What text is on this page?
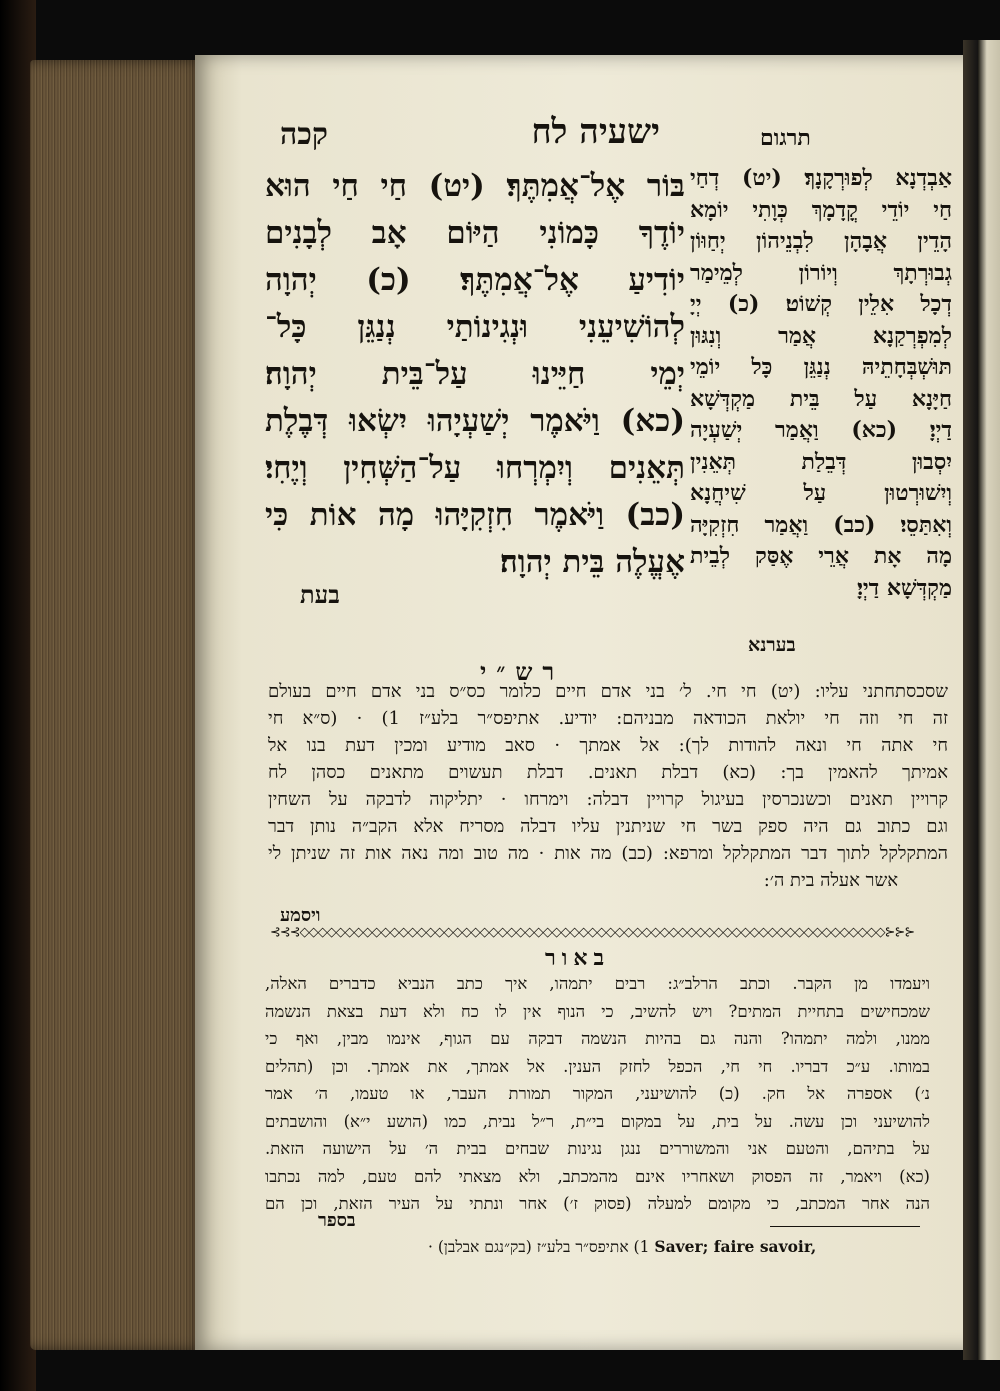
תרגום
ישעיה לח
קכה
בּוֹר אֶל־אֲמִתֶּךָ׃ (יט) חַי חַי הוּא
יוֹדֶךָ כָּמוֹנִי הַיּוֹם אָב לְבָנִים
יוֹדִיעַ אֶל־אֲמִתֶּךָ׃ (כ) יְהוָה
לְהוֹשִׁיעֵנִי וּנְגִינוֹתַי נְנַגֵּן כָּל־
יְמֵי חַיֵּינוּ עַל־בֵּית יְהוָה׃
(כא) וַיֹּאמֶר יְשַׁעְיָהוּ יִשְׂאוּ דְּבֶלֶת
תְּאֵנִים וְיִמְרְחוּ עַל־הַשְּׁחִין וְיֶחִי׃
(כב) וַיֹּאמֶר חִזְקִיָּהוּ מָה אוֹת כִּי
אֶעֱלֶה בֵּית יְהוָה׃
בעת
אַבְדְנָא לְפוּרְקָנָךְ׃ (יט) דְחַי
חַי יוֹדֵי קֳדָמָךְ כְּוָתִי יוֹמָא
הָדֵין אֲבָהָן לִבְנֵיהוֹן יְחַוּוֹן
גְבוּרְתָךְ וְיוֹרוֹן לְמֵימַר
דְכָל אִלֵין קְשׁוֹט׃ (כ) יְיָ
לְמִפְרְקַנָא אֲמַר וְנִגּוּן
תּוּשְׁבְּחָתֵיהּ נְנַגֵּן כָּל יוֹמֵי
חַיָּנָא עַל בֵּית מַקְדְּשָׁא
דַיְיָ׃ (כא) וַאֲמַר יְשַׁעְיָה
יִסְבוּן דְּבֵלַת תְּאֵנִין
וְיִשׁוּרְטוּן עַל שִׁיחֲנָא
וְאִתַּסֵי׃ (כב) וַאֲמַר חִזְקִיָּה
מָה אָת אֲרֵי אֶסַּק לְבֵית
מַקְדְּשָׁא דַיְיָ׃
בערנא
רש״י
שסכסתחתני עליו: (יט) חי חי. ל׳ בני אדם חיים כלומר כס״ס בני אדם חיים בעולם
זה חי וזה חי יולאת הכודאה מבניהם: יודיע. אתיפס״ר בלע״ז 1) · (ס״א חי
חי אתה חי ונאה להודות לך): אל אמתך · סאב מודיע ומכין דעת בנו אל
אמיתך להאמין בך: (כא) דבלת תאנים. דבלת תעשוים מתאנים כסהן לח
קרויין תאנים וכשנכרסין בעיגול קרויין דבלה: וימרחו · יתליקוה לדבקה על השחין
וגם כתוב גם היה ספק בשר חי שניתנין עליו דבלה מסריח אלא הקב״ה נותן דבר
המתקלקל לתוך דבר המתקלקל ומרפא: (כב) מה אות · מה טוב ומה נאה אות זה שניתן לי
אשר אעלה בית ה׳:
ויסמע
⊰⊰⊰◇◇◇◇◇◇◇◇◇◇◇◇◇◇◇◇◇◇◇◇◇◇◇◇◇◇◇◇◇◇◇◇◇◇◇◇◇◇◇◇◇◇◇◇◇◇◇◇◇◇◇◇◇◇◇◇◇◇◇◇◇◇◇◇◇⊱⊱⊱
באור
ויעמדו מן הקבר. וכתב הרלב״ג: רבים יתמהו, איך כתב הנביא כדברים האלה,
שמכחישים בתחיית המתים? ויש להשיב, כי הנוף אין לו כח ולא דעת בצאת הנשמה
ממנו, ולמה יתמהו? והנה גם בהיות הנשמה דבקה עם הגוף, אינמו מבין, ואף כי
במותו. ע״כ דבריו. חי חי, הכפל לחזק הענין. אל אמתך, את אמתך. וכן (תהלים
נ׳) אספרה אל חק. (כ) להושיעני, המקור תמורת העבר, או טעמו, ה׳ אמר
להושיעני וכן עשה. על בית, על במקום בי״ת, ר״ל נבית, כמו (הושע י״א) והושבתים
על בתיהם, והטעם אני והמשוררים ננגן נגינות שבחים בבית ה׳ על הישועה הזאת.
(כא) ויאמר, זה הפסוק ושאחריו אינם מהמכתב, ולא מצאתי להם טעם, למה נכתבו
הנה אחר המכתב, כי מקומם למעלה (פסוק ז׳) אחר ונתתי על העיר הזאת, וכן הם
בספר
1) אתיפס״ר בלע״ז (בק״נגם אבלבן) · Saver; faire savoir,
